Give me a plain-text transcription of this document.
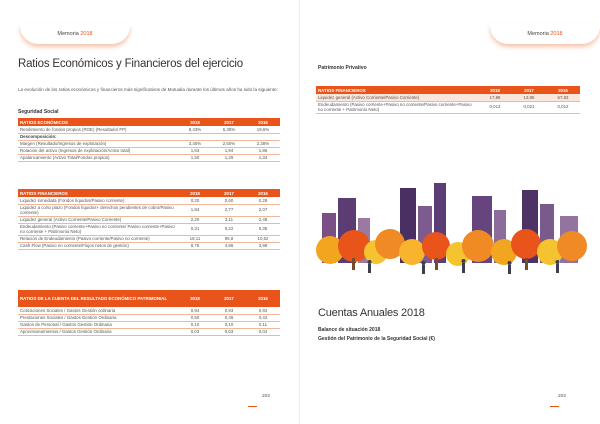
Memoria 2018
Ratios Económicos y Financieros del ejercicio
La evolución de los ratios económicos y financieros más significativos de Mutualia durante los últimos años ha sido la siguiente:
Seguridad Social
RATIOS ECONÓMICOS	2018	2017	2016
Rendimiento de fondos propios (ROE) (Resultado/ FP)	8,43%	6,35%	19,6%
Descomposición:			
Margen (Resultado/Ingresos de explotación)	3,45%	2,50%	2,38%
Rotación del activo (Ingresos de explotación/Activo total)	1,63	1,94	1,86
Apalancamiento (Activo Total/Fondos propios)	1,50	1,29	1,34
RATIOS FINANCIEROS	2018	2017	2016
Liquidez inmediata (Fondos líquidos/Pasivo corriente)	0,20	0,60	0,28
Liquidez a corto plazo (Fondos líquidos+ derechos pendientes de cobro/Pasivo corriente)	1,84	2,77	2,07
Liquidez general (Activo Corriente/Pasivo Corriente)	2,20	3,11	2,48
Endeudamiento (Pasivo corriente+Pasivo no corriente/ Pasivo corriente+Pasivo no corriente + Patrimonio Neto)	0,31	0,22	0,35
Relación de Endeudamiento (Pasivo corriente/Pasivo no corriente)	18,11	95,8	10,62
Cash Flow (Pasivo no corriente/Flujos netos de gestión)	8,75	4,86	3,98
RATIOS DE LA CUENTA DEL RESULTADO ECONÓMICO PATRIMONIAL	2018	2017	2016
Cotizaciones Sociales / Gastos Gestión ordinaria	0,94	0,93	0,92
Prestaciones Sociales / Gastos Gestión Ordinaria	0,50	0,46	0,42
Gastos de Personal / Gastos Gestión Ordinaria	0,10	0,10	0,11
Aprovisionamientos / Gastos Gestión Ordinaria	0,03	0,03	0,04
202
Memoria 2018
Patrimonio Privativo
RATIOS FINANCIEROS	2018	2017	2016
Liquidez general (Activo Corriente/Pasivo Corriente)	17,86	13,95	67,63
Endeudamiento (Pasivo corriente+Pasivo no corriente/Pasivo corriente+Pasivo no corriente + Patrimonio Neto)	0,013	0,021	0,012
Cuentas Anuales 2018
Balance de situación 2018
Gestión del Patrimonio de la Seguridad Social (€)
202
